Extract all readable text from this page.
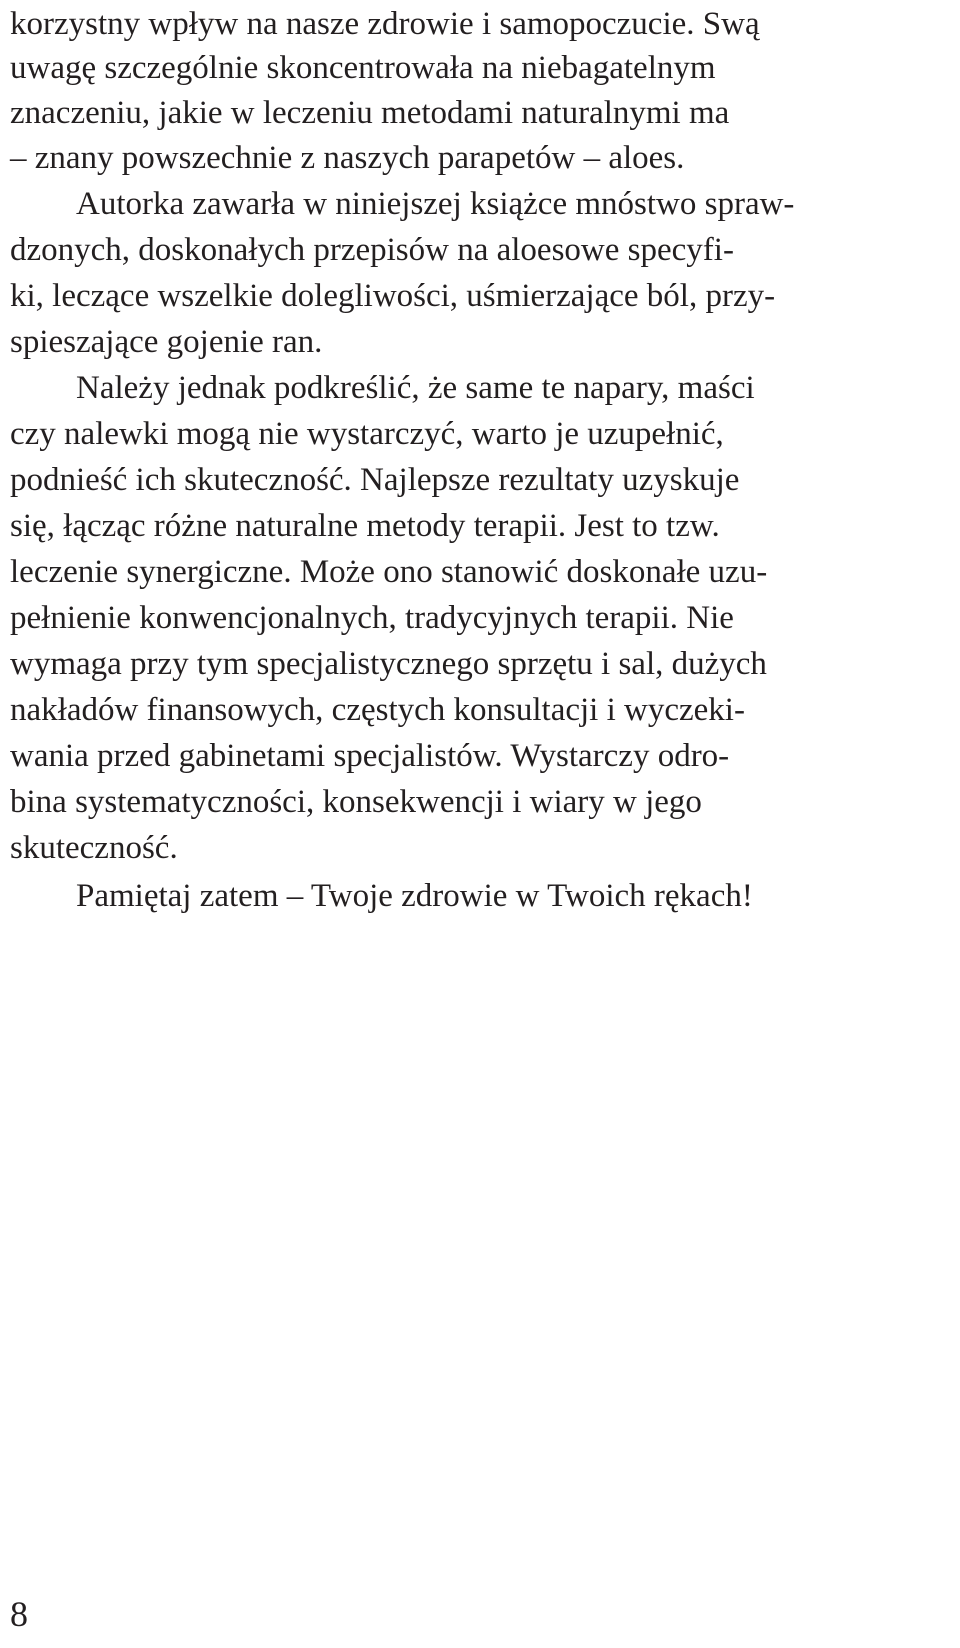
korzystny wpływ na nasze zdrowie i samopoczucie. Swą
uwagę szczególnie skoncentrowała na niebagatelnym
znaczeniu, jakie w leczeniu metodami naturalnymi ma
– znany powszechnie z naszych parapetów – aloes.
Autorka zawarła w niniejszej książce mnóstwo spraw-
dzonych, doskonałych przepisów na aloesowe specyfi-
ki, leczące wszelkie dolegliwości, uśmierzające ból, przy-
spieszające gojenie ran.
Należy jednak podkreślić, że same te napary, maści
czy nalewki mogą nie wystarczyć, warto je uzupełnić,
podnieść ich skuteczność. Najlepsze rezultaty uzyskuje
się, łącząc różne naturalne metody terapii. Jest to tzw.
leczenie synergiczne. Może ono stanowić doskonałe uzu-
pełnienie konwencjonalnych, tradycyjnych terapii. Nie
wymaga przy tym specjalistycznego sprzętu i sal, dużych
nakładów finansowych, częstych konsultacji i wyczeki-
wania przed gabinetami specjalistów. Wystarczy odro-
bina systematyczności, konsekwencji i wiary w jego
skuteczność.
Pamiętaj zatem – Twoje zdrowie w Twoich rękach!
8
